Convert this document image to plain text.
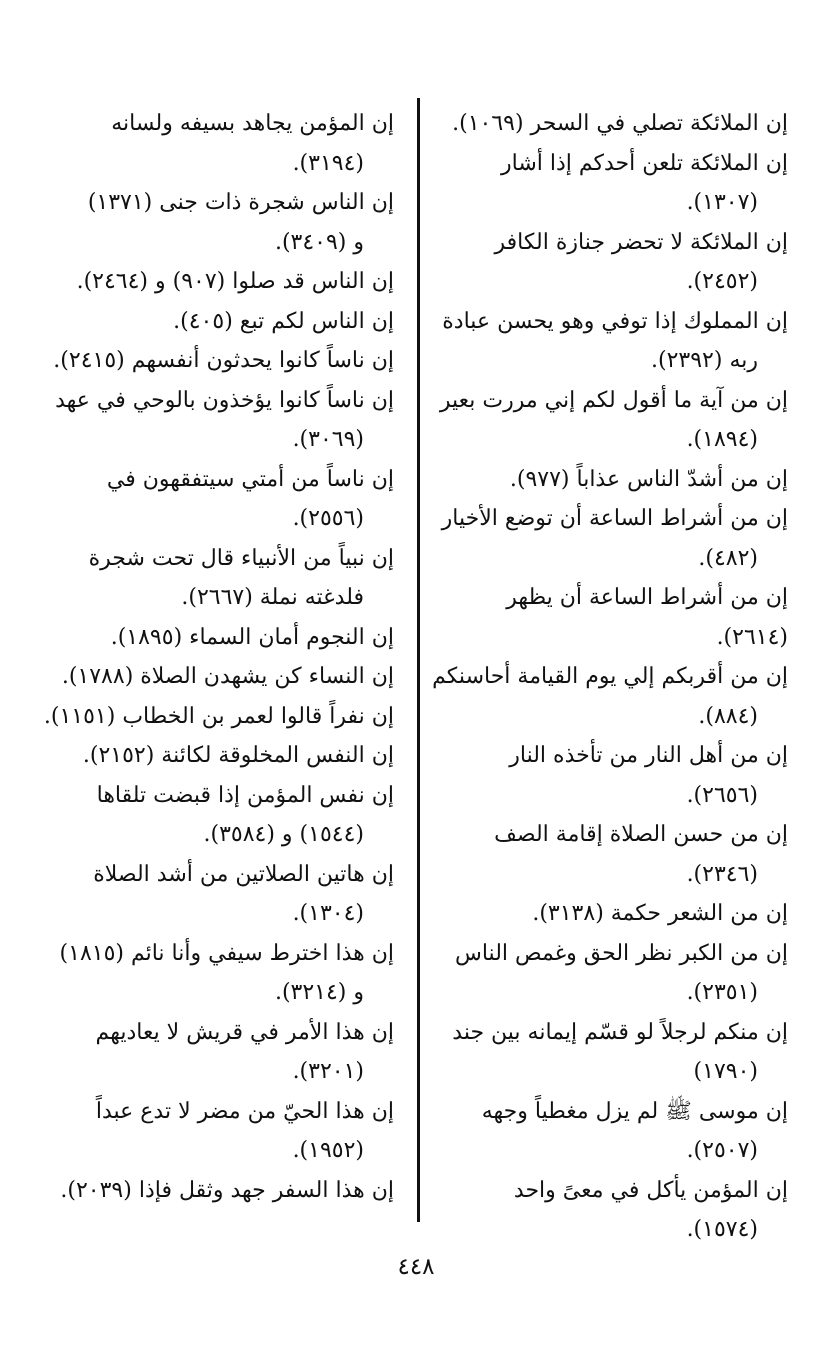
إن الملائكة تصلي في السحر (١٠٦٩).
إن الملائكة تلعن أحدكم إذا أشار
(١٣٠٧).
إن الملائكة لا تحضر جنازة الكافر
(٢٤٥٢).
إن المملوك إذا توفي وهو يحسن عبادة
ربه (٢٣٩٢).
إن من آية ما أقول لكم إني مررت بعير
(١٨٩٤).
إن من أشدّ الناس عذاباً (٩٧٧).
إن من أشراط الساعة أن توضع الأخيار
(٤٨٢).
إن من أشراط الساعة أن يظهر (٢٦١٤).
إن من أقربكم إلي يوم القيامة أحاسنكم
(٨٨٤).
إن من أهل النار من تأخذه النار
(٢٦٥٦).
إن من حسن الصلاة إقامة الصف
(٢٣٤٦).
إن من الشعر حكمة (٣١٣٨).
إن من الكبر نظر الحق وغمص الناس
(٢٣٥١).
إن منكم لرجلاً لو قسّم إيمانه بين جند
(١٧٩٠)
إن موسى ﷺ لم يزل مغطياً وجهه
(٢٥٠٧).
إن المؤمن يأكل في معىً واحد
(١٥٧٤).
إن المؤمن يجاهد بسيفه ولسانه
(٣١٩٤).
إن الناس شجرة ذات جنى (١٣٧١)
و (٣٤٠٩).
إن الناس قد صلوا (٩٠٧) و (٢٤٦٤).
إن الناس لكم تبع (٤٠٥).
إن ناساً كانوا يحدثون أنفسهم (٢٤١٥).
إن ناساً كانوا يؤخذون بالوحي في عهد
(٣٠٦٩).
إن ناساً من أمتي سيتفقهون في
(٢٥٥٦).
إن نبياً من الأنبياء قال تحت شجرة
فلدغته نملة (٢٦٦٧).
إن النجوم أمان السماء (١٨٩٥).
إن النساء كن يشهدن الصلاة (١٧٨٨).
إن نفراً قالوا لعمر بن الخطاب (١١٥١).
إن النفس المخلوقة لكائنة (٢١٥٢).
إن نفس المؤمن إذا قبضت تلقاها
(١٥٤٤) و (٣٥٨٤).
إن هاتين الصلاتين من أشد الصلاة
(١٣٠٤).
إن هذا اخترط سيفي وأنا نائم (١٨١٥)
و (٣٢١٤).
إن هذا الأمر في قريش لا يعاديهم
(٣٢٠١).
إن هذا الحيّ من مضر لا تدع عبداً
(١٩٥٢).
إن هذا السفر جهد وثقل فإذا (٢٠٣٩).
٤٤٨
